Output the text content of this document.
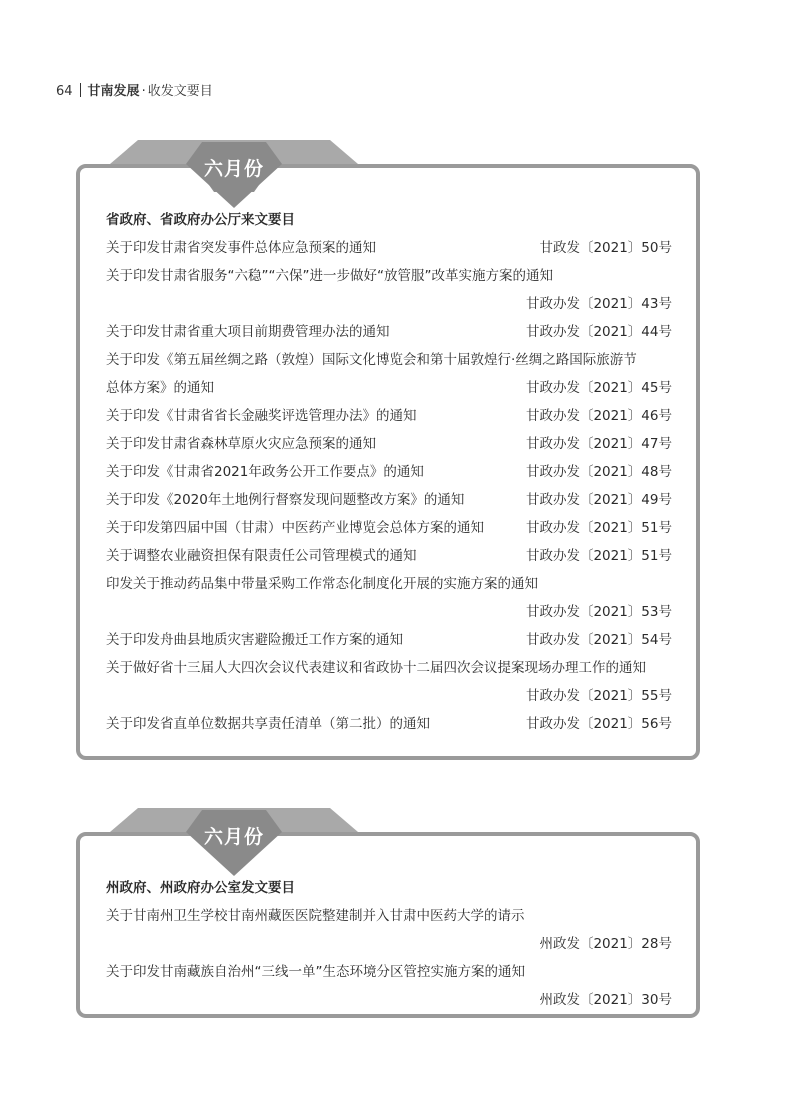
64 甘南发展 · 收发文要目
六月份
省政府、省政府办公厅来文要目
关于印发甘肃省突发事件总体应急预案的通知	甘政发〔2021〕50号
关于印发甘肃省服务“六稳”“六保”进一步做好“放管服”改革实施方案的通知
甘政办发〔2021〕43号
关于印发甘肃省重大项目前期费管理办法的通知	甘政办发〔2021〕44号
关于印发《第五届丝绸之路（敦煌）国际文化博览会和第十届敦煌行·丝绸之路国际旅游节
总体方案》的通知	甘政办发〔2021〕45号
关于印发《甘肃省省长金融奖评选管理办法》的通知	甘政办发〔2021〕46号
关于印发甘肃省森林草原火灾应急预案的通知	甘政办发〔2021〕47号
关于印发《甘肃省2021年政务公开工作要点》的通知	甘政办发〔2021〕48号
关于印发《2020年土地例行督察发现问题整改方案》的通知	甘政办发〔2021〕49号
关于印发第四届中国（甘肃）中医药产业博览会总体方案的通知	甘政办发〔2021〕51号
关于调整农业融资担保有限责任公司管理模式的通知	甘政办发〔2021〕51号
印发关于推动药品集中带量采购工作常态化制度化开展的实施方案的通知
甘政办发〔2021〕53号
关于印发舟曲县地质灾害避险搬迁工作方案的通知	甘政办发〔2021〕54号
关于做好省十三届人大四次会议代表建议和省政协十二届四次会议提案现场办理工作的通知
甘政办发〔2021〕55号
关于印发省直单位数据共享责任清单（第二批）的通知	甘政办发〔2021〕56号
六月份
州政府、州政府办公室发文要目
关于甘南州卫生学校甘南州藏医医院整建制并入甘肃中医药大学的请示
州政发〔2021〕28号
关于印发甘南藏族自治州“三线一单”生态环境分区管控实施方案的通知
州政发〔2021〕30号
